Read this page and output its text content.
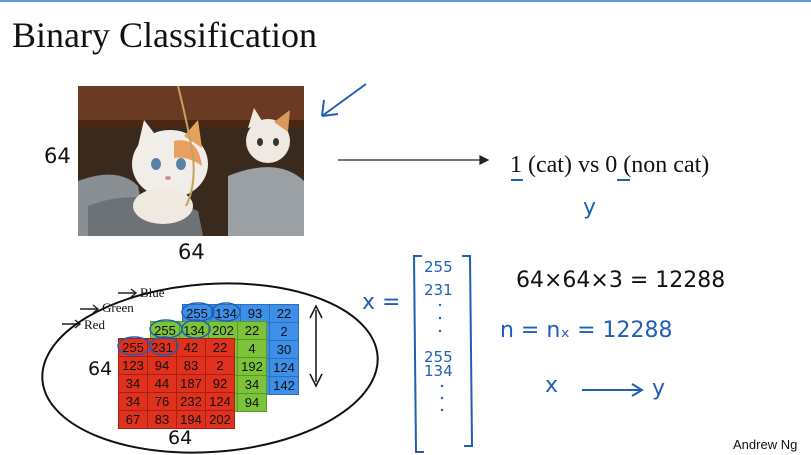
Binary Classification
64
64
1 (cat) vs 0 (non cat)
y
Blue
Green
Red
255	134	93	22
			2
			30
			124
			142
255	134	202	22
			4
			192
			34
			94
255	231	42	22
123	94	83	2
34	44	187	92
34	76	232	124
67	83	194	202
64
64
x =
255
231
255
134
64×64×3 = 12288
n = nₓ = 12288
x	y
Andrew Ng
